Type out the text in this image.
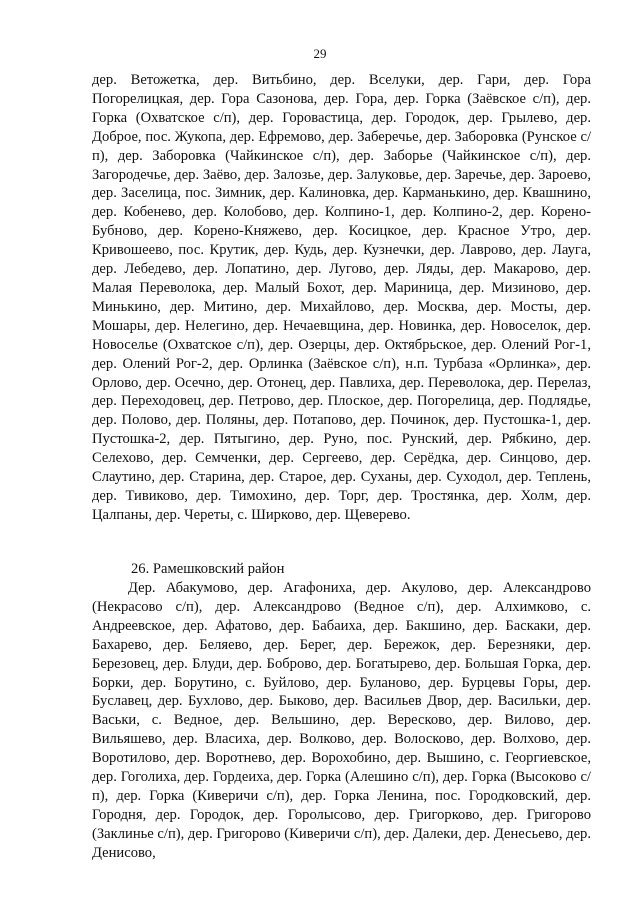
29

дер. Ветожетка, дер. Витьбино, дер. Вселуки, дер. Гари, дер. Гора Погорелицкая, дер. Гора Сазонова, дер. Гора, дер. Горка (Заёвское с/п), дер. Горка (Охватское с/п), дер. Горовастица, дер. Городок, дер. Грылево, дер. Доброе, пос. Жукопа, дер. Ефремово, дер. Заберечье, дер. Заборовка (Рунское с/п), дер. Заборовка (Чайкинское с/п), дер. Заборье (Чайкинское с/п), дер. Загородечье, дер. Заёво, дер. Залозье, дер. Залуковье, дер. Заречье, дер. Зароево, дер. Заселица, пос. Зимник, дер. Калиновка, дер. Карманькино, дер. Квашнино, дер. Кобенево, дер. Колобово, дер. Колпино-1, дер. Колпино-2, дер. Корено-Бубново, дер. Корено-Княжево, дер. Косицкое, дер. Красное Утро, дер. Кривошеево, пос. Крутик, дер. Кудь, дер. Кузнечки, дер. Лаврово, дер. Лауга, дер. Лебедево, дер. Лопатино, дер. Лугово, дер. Ляды, дер. Макарово, дер. Малая Переволока, дер. Малый Бохот, дер. Мариница, дер. Мизиново, дер. Минькино, дер. Митино, дер. Михайлово, дер. Москва, дер. Мосты, дер. Мошары, дер. Нелегино, дер. Нечаевщина, дер. Новинка, дер. Новоселок, дер. Новоселье (Охватское с/п), дер. Озерцы, дер. Октябрьское, дер. Олений Рог-1, дер. Олений Рог-2, дер. Орлинка (Заёвское с/п), н.п. Турбаза «Орлинка», дер. Орлово, дер. Осечно, дер. Отонец, дер. Павлиха, дер. Переволока, дер. Перелаз, дер. Переходовец, дер. Петрово, дер. Плоское, дер. Погорелица, дер. Подлядье, дер. Полово, дер. Поляны, дер. Потапово, дер. Починок, дер. Пустошка-1, дер. Пустошка-2, дер. Пятыгино, дер. Руно, пос. Рунский, дер. Рябкино, дер. Селехово, дер. Семченки, дер. Сергеево, дер. Серёдка, дер. Синцово, дер. Слаутино, дер. Старина, дер. Старое, дер. Суханы, дер. Суходол, дер. Теплень, дер. Тивиково, дер. Тимохино, дер. Торг, дер. Тростянка, дер. Холм, дер. Цалпаны, дер. Череты, с. Ширково, дер. Щеверево.

26. Рамешковский район

Дер. Абакумово, дер. Агафониха, дер. Акулово, дер. Александрово (Некрасово с/п), дер. Александрово (Ведное с/п), дер. Алхимково, с. Андреевское, дер. Афатово, дер. Бабаиха, дер. Бакшино, дер. Баскаки, дер. Бахарево, дер. Беляево, дер. Берег, дер. Бережок, дер. Березняки, дер. Березовец, дер. Блуди, дер. Боброво, дер. Богатырево, дер. Большая Горка, дер. Борки, дер. Борутино, с. Буйлово, дер. Буланово, дер. Бурцевы Горы, дер. Буславец, дер. Бухлово, дер. Быково, дер. Васильев Двор, дер. Васильки, дер. Васьки, с. Ведное, дер. Вельшино, дер. Вересково, дер. Вилово, дер. Вильяшево, дер. Власиха, дер. Волково, дер. Волосково, дер. Волхово, дер. Воротилово, дер. Воротнево, дер. Ворохобино, дер. Вышино, с. Георгиевское, дер. Гоголиха, дер. Гордеиха, дер. Горка (Алешино с/п), дер. Горка (Высоково с/п), дер. Горка (Киверичи с/п), дер. Горка Ленина, пос. Городковский, дер. Городня, дер. Городок, дер. Горолысово, дер. Григорково, дер. Григорово (Заклинье с/п), дер. Григорово (Киверичи с/п), дер. Далеки, дер. Денесьево, дер. Денисово,
